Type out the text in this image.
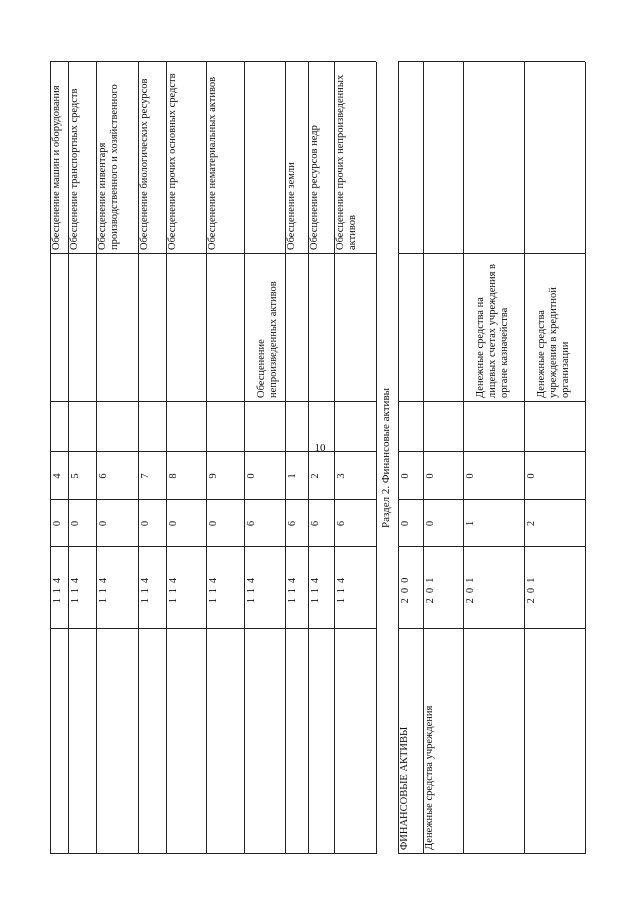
10
114
0
4
Обесценение машин и оборудования
114
0
5
Обесценение транспортных средств
114
0
6
Обесценение инвентаря производственного и хозяйственного
114
0
7
Обесценение биологических ресурсов
114
0
8
Обесценение прочих основных средств
114
0
9
Обесценение нематериальных активов
114
6
0
Обесценение непроизведенных активов
114
6
1
Обесценение земли
114
6
2
Обесценение ресурсов недр
114
6
3
Обесценение прочих непроизведенных активов
Раздел 2. Финансовые активы
ФИНАНСОВЫЕ АКТИВЫ
200
0
0
Денежные средства учреждения
201
0
0
201
1
0
Денежные средства на лицевых счетах учреждения в органе казначейства
201
2
0
Денежные средства учреждения в кредитной организации
